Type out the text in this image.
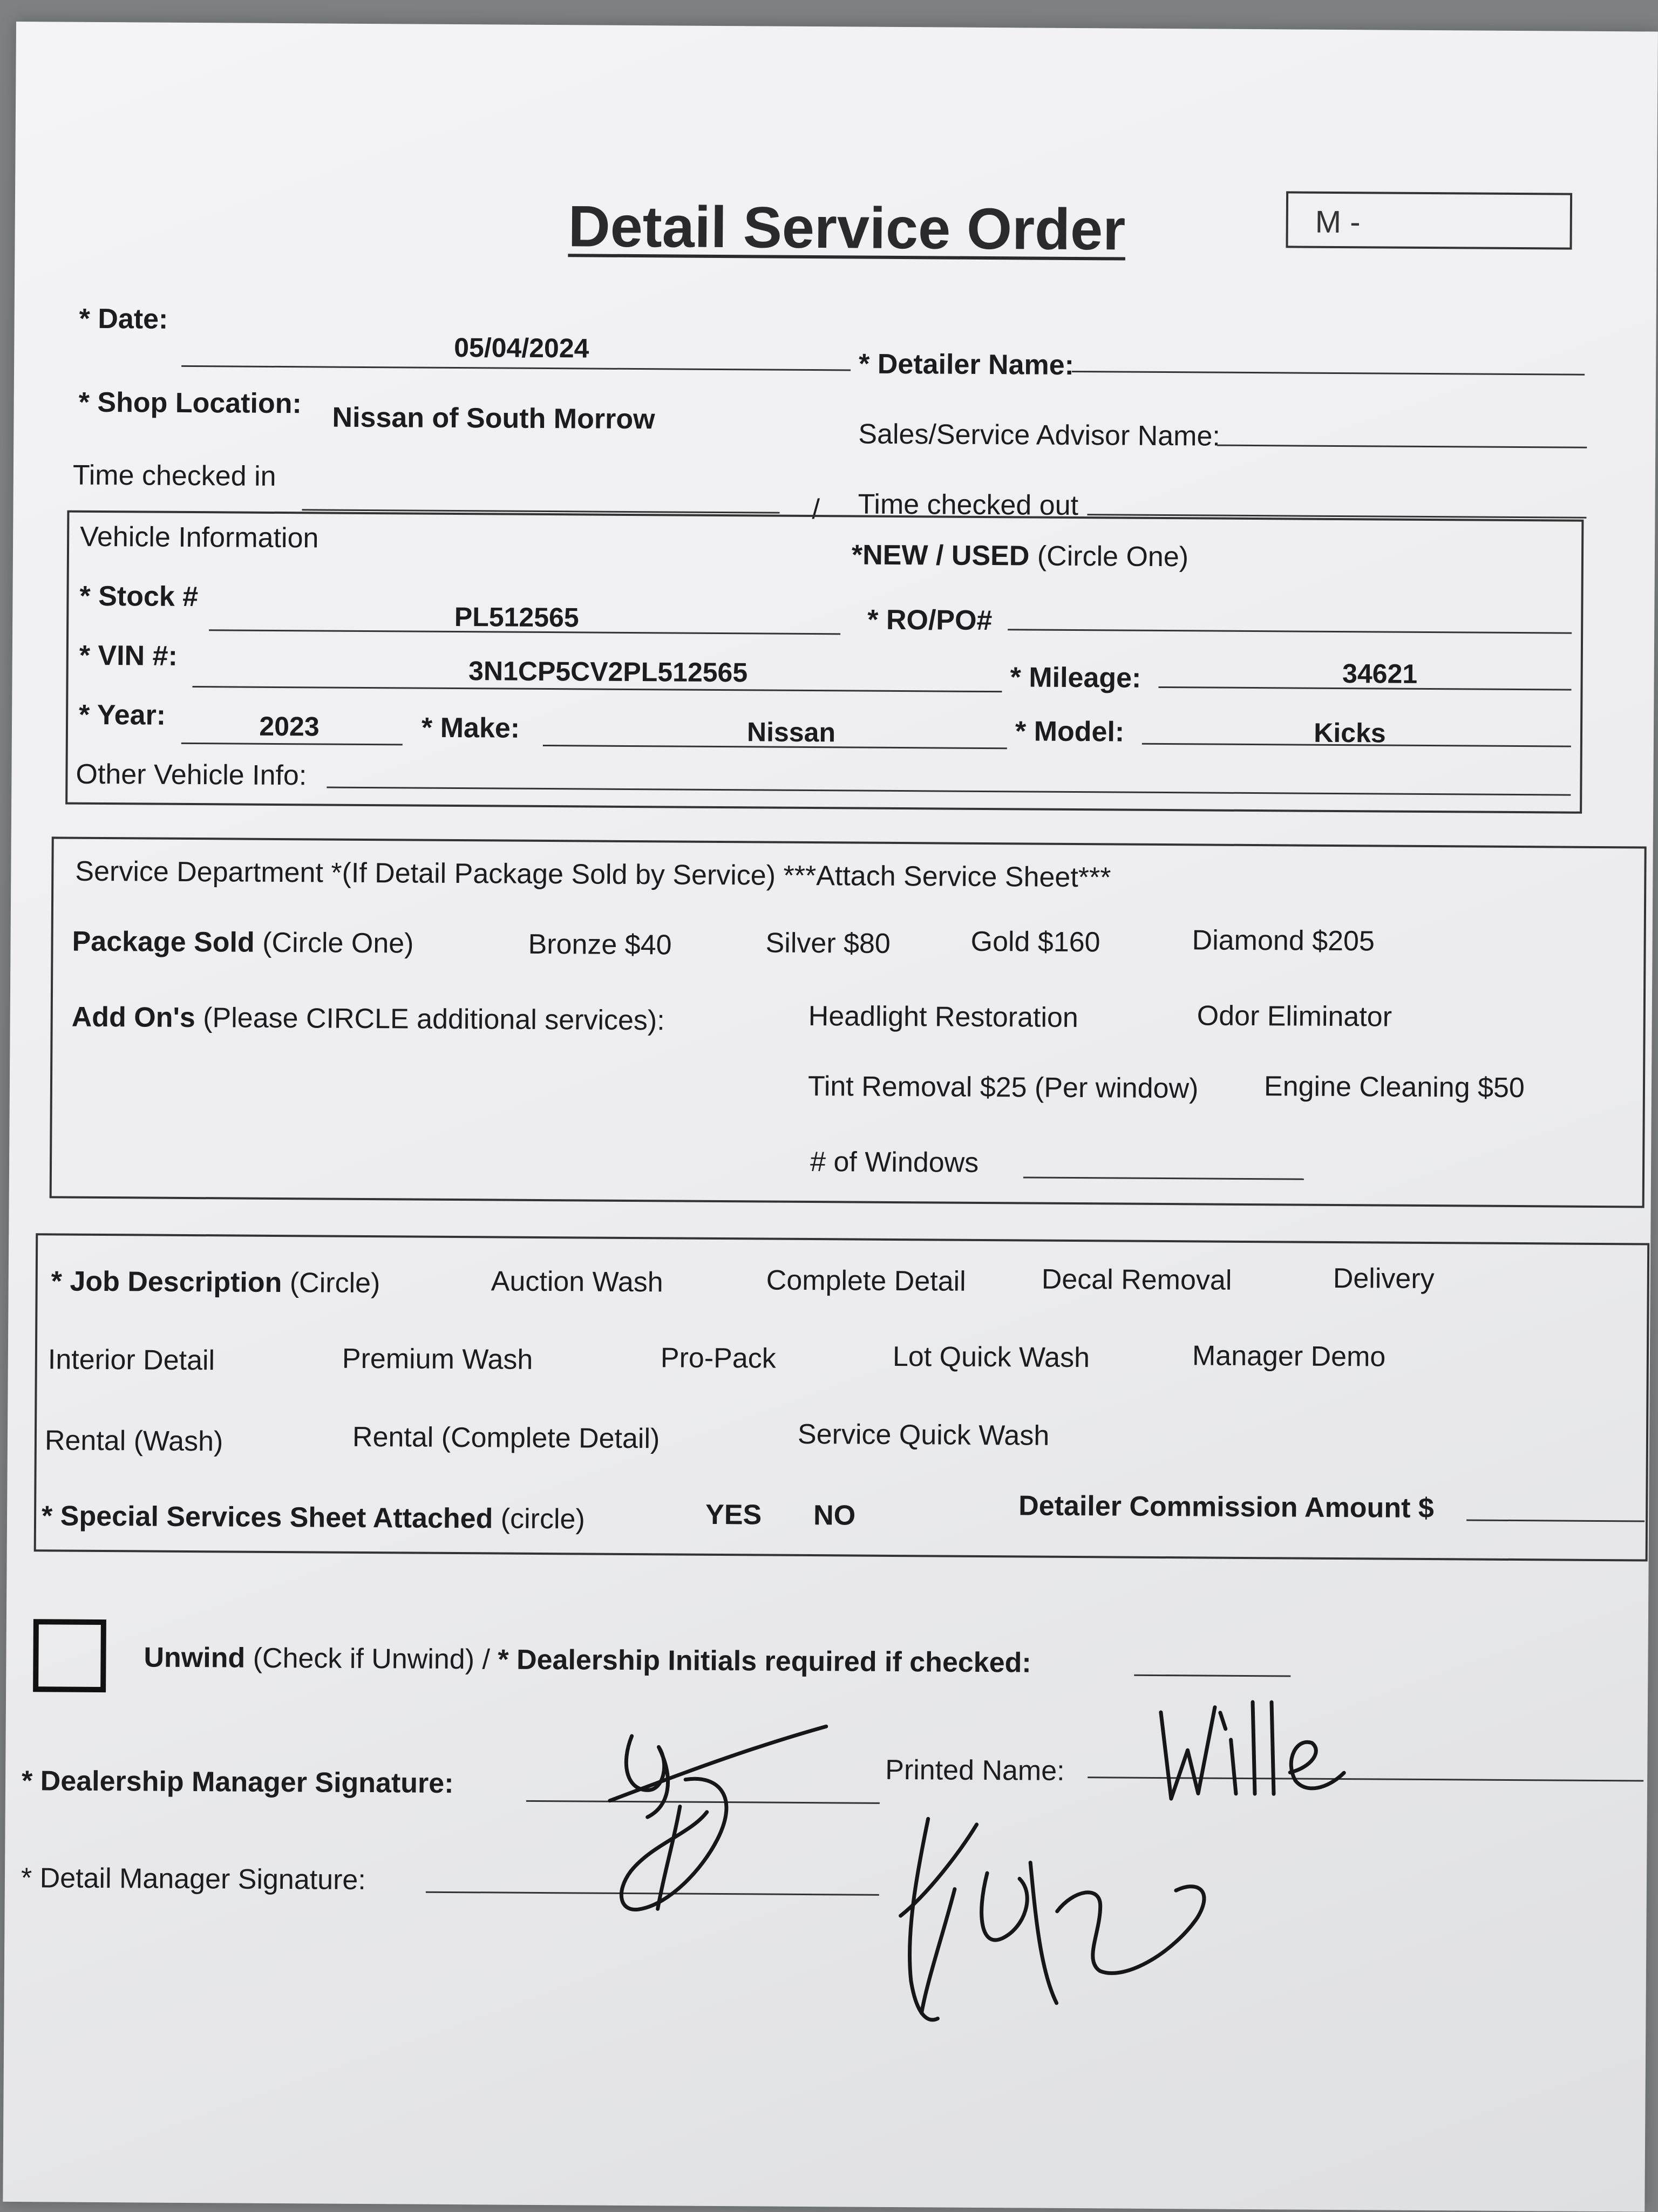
Detail Service Order	M -
* Date:
05/04/2024
* Detailer Name:
* Shop Location: Nissan of South Morrow
Sales/Service Advisor Name:
Time checked in
/ Time checked out
Vehicle Information
*NEW / USED (Circle One)
* Stock #
PL512565	* RO/PO#
* VIN #:	3N1CP5CV2PL512565	* Mileage:	34621
* Year:	2023	* Make:	Nissan	* Model:	Kicks
Other Vehicle Info:
Service Department *(If Detail Package Sold by Service) ***Attach Service Sheet***
Package Sold (Circle One)	Bronze $40	Silver $80	Gold $160	Diamond $205
Add On's (Please CIRCLE additional services):	Headlight Restoration	Odor Eliminator
Tint Removal $25 (Per window) Engine Cleaning $50
# of Windows
* Job Description (Circle)	Auction Wash	Complete Detail	Decal Removal	Delivery
Interior Detail	Premium Wash	Pro-Pack	Lot Quick Wash	Manager Demo
Rental (Wash)	Rental (Complete Detail)	Service Quick Wash
* Special Services Sheet Attached (circle)	YES NO	Detailer Commission Amount $
Unwind (Check if Unwind) / * Dealership Initials required if checked:
* Dealership Manager Signature:	Printed Name:
* Detail Manager Signature:
